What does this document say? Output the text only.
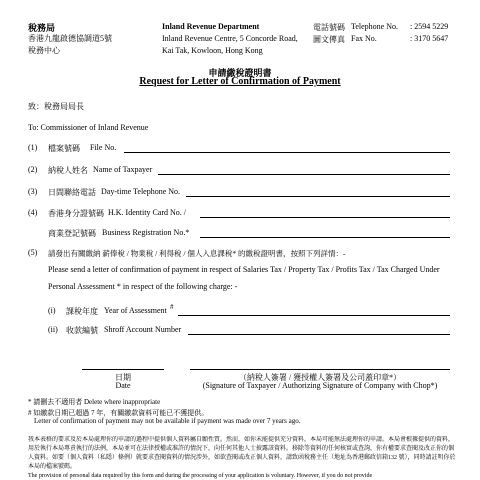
稅務局
香港九龍啟德協調道5號
稅務中心
Inland Revenue Department
Inland Revenue Centre, 5 Concorde Road,
Kai Tak, Kowloon, Hong Kong
電話號碼 Telephone No. : 2594 5229
圖文傳真 Fax No.	: 3170 5647
申請繳稅證明書
Request for Letter of Confirmation of Payment
致：稅務局局長
To: Commissioner of Inland Revenue
(1) 檔案號碼 File No.
(2) 納稅人姓名 Name of Taxpayer
(3) 日間聯絡電話 Day-time Telephone No.
(4) 香港身分證號碼 H.K. Identity Card No. /
商業登記號碼 Business Registration No.*
(5) 請發出有關繳納 薪俸稅 / 物業稅 / 利得稅 / 個人入息課稅* 的繳稅證明書，按照下列詳情：-
Please send a letter of confirmation of payment in respect of Salaries Tax / Property Tax / Profits Tax / Tax Charged Under
Personal Assessment * in respect of the following charge: -
(i) 課稅年度 Year of Assessment #
(ii) 收款編號 Shroff Account Number
日期
Date
（納稅人簽署 / 獲授權人簽署及公司蓋印章*）
(Signature of Taxpayer / Authorizing Signature of Company with Chop*)
* 請刪去不適用者 Delete where inappropriate
# 如繳款日期已超過 7 年，有關繳款資料可能已不獲提供。
Letter of confirmation of payment may not be available if payment was made over 7 years ago.
我本表格的要求及於本局處理你的申請的過程中提供個人資料屬自願性質。然而，如你未能提供充分資料，本局可能無法處理你的申請。本局會根據提供的資料，用於執行本局專責執行的法例，本局並可在法律授權或准許的情況下，向任何其他人士披露該資料。移除等資料的任何核實或查詢，你有權要求查閱及改正你的個人資料。如要（個人資料（私隱）條例）就要求查閱資料的情況涉外，如欲查閱或改正個人資料，請致函稅務主任（地址為香港郵政信箱132 號），同時請註明你於本局的檔案號碼。
The provision of personal data required by this form and during the processing of your application is voluntary. However, if you do not provide
